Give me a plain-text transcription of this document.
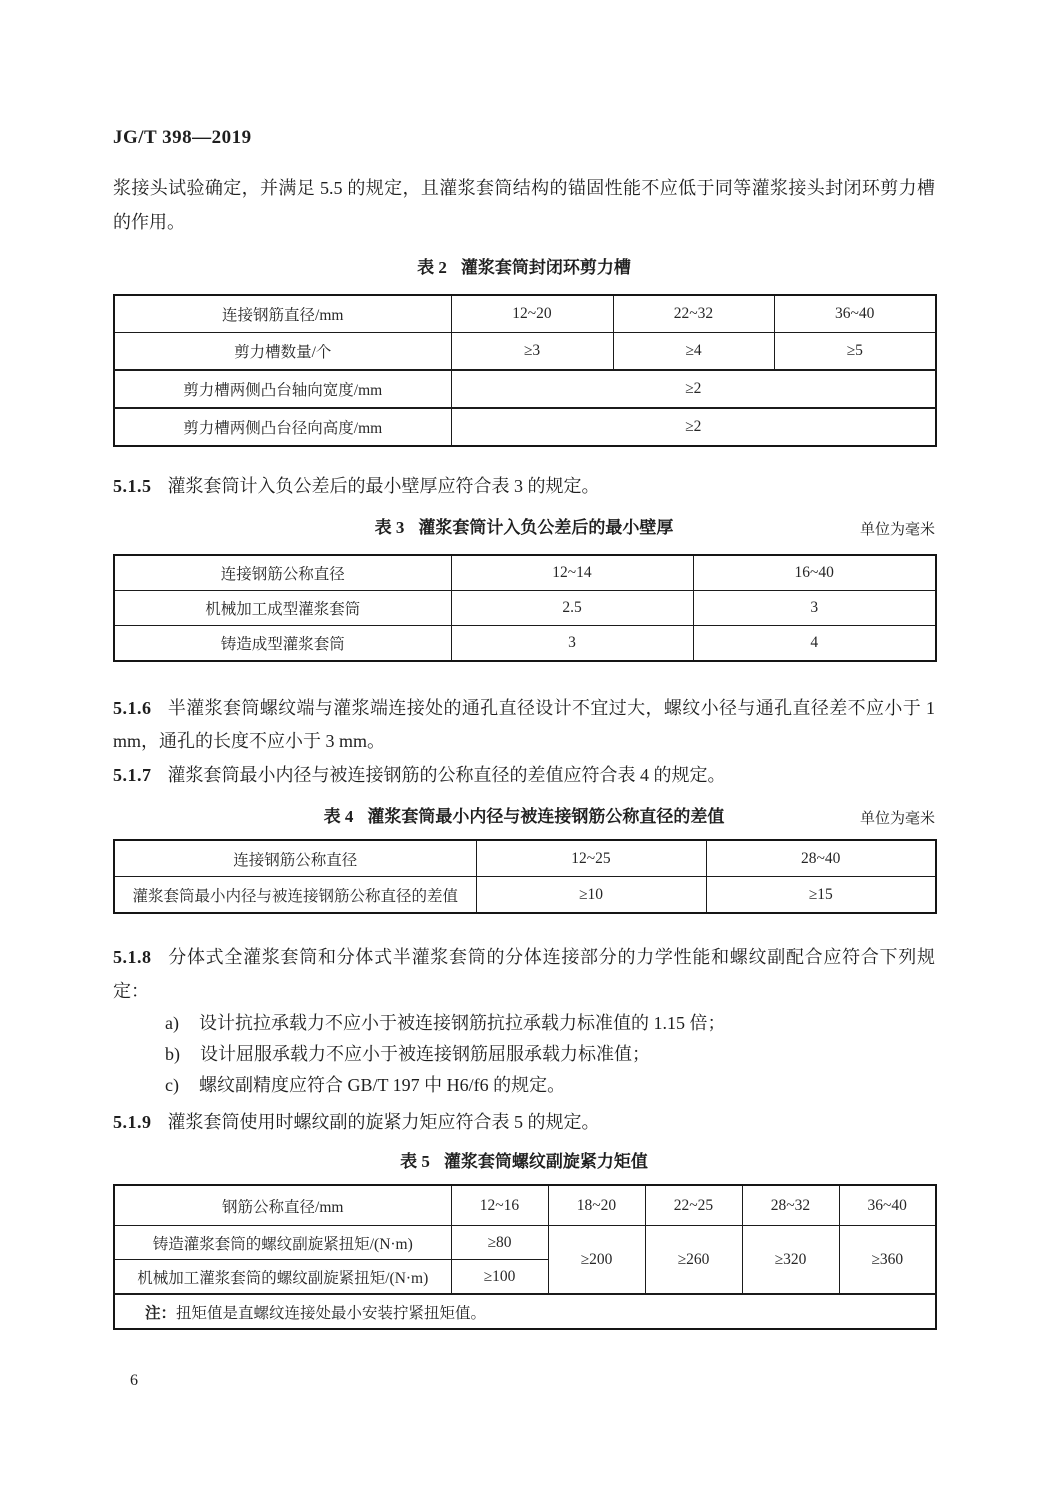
JG/T 398—2019

浆接头试验确定，并满足 5.5 的规定，且灌浆套筒结构的锚固性能不应低于同等灌浆接头封闭环剪力槽的作用。

表 2 灌浆套筒封闭环剪力槽
连接钢筋直径/mm	12~20	22~32	36~40
剪力槽数量/个	≥3	≥4	≥5
剪力槽两侧凸台轴向宽度/mm	≥2		
剪力槽两侧凸台径向高度/mm	≥2		

5.1.5 灌浆套筒计入负公差后的最小壁厚应符合表 3 的规定。

表 3 灌浆套筒计入负公差后的最小壁厚	单位为毫米
连接钢筋公称直径	12~14	16~40
机械加工成型灌浆套筒	2.5	3
铸造成型灌浆套筒	3	4

5.1.6 半灌浆套筒螺纹端与灌浆端连接处的通孔直径设计不宜过大，螺纹小径与通孔直径差不应小于 1 mm，通孔的长度不应小于 3 mm。

5.1.7 灌浆套筒最小内径与被连接钢筋的公称直径的差值应符合表 4 的规定。

表 4 灌浆套筒最小内径与被连接钢筋公称直径的差值	单位为毫米
连接钢筋公称直径	12~25	28~40
灌浆套筒最小内径与被连接钢筋公称直径的差值	≥10	≥15

5.1.8 分体式全灌浆套筒和分体式半灌浆套筒的分体连接部分的力学性能和螺纹副配合应符合下列规定：

a) 设计抗拉承载力不应小于被连接钢筋抗拉承载力标准值的 1.15 倍；
b) 设计屈服承载力不应小于被连接钢筋屈服承载力标准值；
c) 螺纹副精度应符合 GB/T 197 中 H6/f6 的规定。

5.1.9 灌浆套筒使用时螺纹副的旋紧力矩应符合表 5 的规定。

表 5 灌浆套筒螺纹副旋紧力矩值
钢筋公称直径/mm	12~16	18~20	22~25	28~32	36~40
铸造灌浆套筒的螺纹副旋紧扭矩/(N·m)	≥80	≥200	≥260	≥320	≥360
机械加工灌浆套筒的螺纹副旋紧扭矩/(N·m)	≥100				
注：扭矩值是直螺纹连接处最小安装拧紧扭矩值。					
6
